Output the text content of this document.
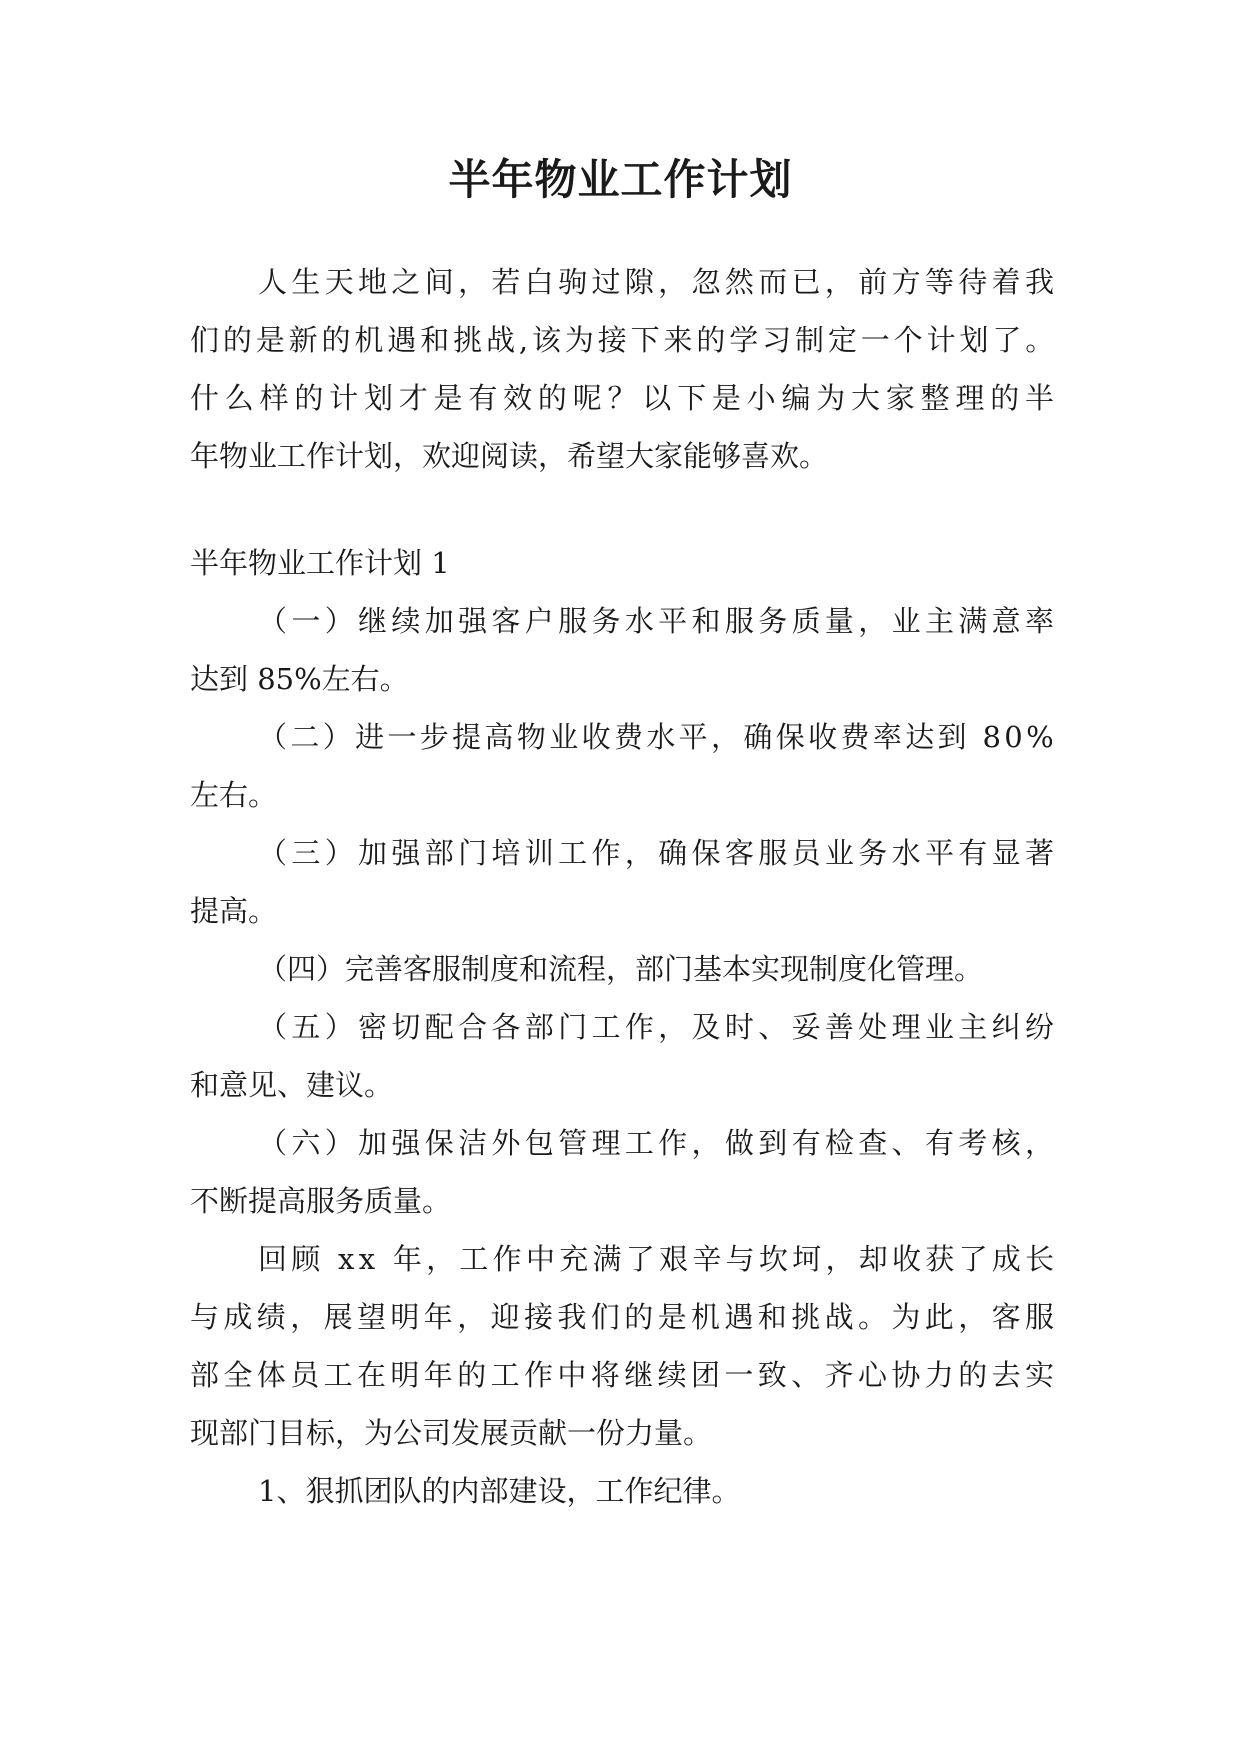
半年物业工作计划
人生天地之间，若白驹过隙，忽然而已，前方等待着我
们的是新的机遇和挑战,该为接下来的学习制定一个计划了。
什么样的计划才是有效的呢？以下是小编为大家整理的半
年物业工作计划，欢迎阅读，希望大家能够喜欢。
半年物业工作计划 1
（一）继续加强客户服务水平和服务质量，业主满意率
达到 85%左右。
（二）进一步提高物业收费水平，确保收费率达到 80%
左右。
（三）加强部门培训工作，确保客服员业务水平有显著
提高。
（四）完善客服制度和流程，部门基本实现制度化管理。
（五）密切配合各部门工作，及时、妥善处理业主纠纷
和意见、建议。
（六）加强保洁外包管理工作，做到有检查、有考核，
不断提高服务质量。
回顾 xx 年，工作中充满了艰辛与坎坷，却收获了成长
与成绩，展望明年，迎接我们的是机遇和挑战。为此，客服
部全体员工在明年的工作中将继续团一致、齐心协力的去实
现部门目标，为公司发展贡献一份力量。
1、狠抓团队的内部建设，工作纪律。
